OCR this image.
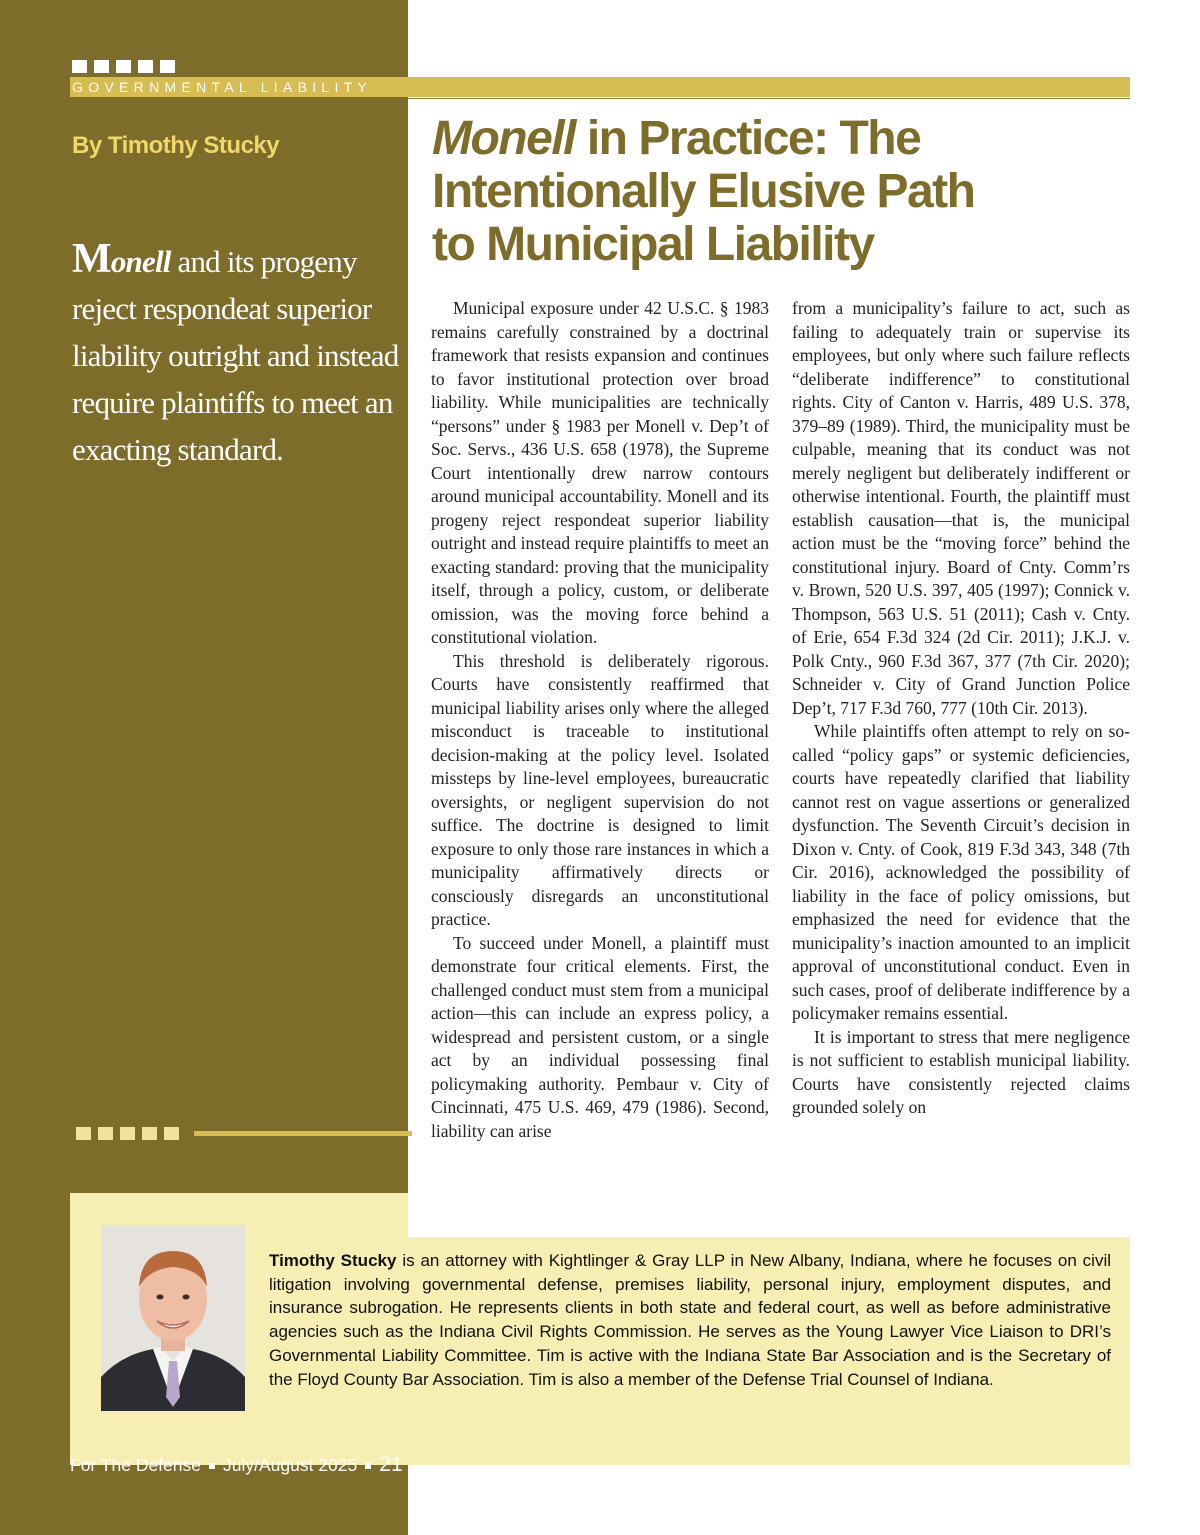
GOVERNMENTAL LIABILITY
By Timothy Stucky
Monell and its progeny reject respondeat superior liability outright and instead require plaintiffs to meet an exacting standard.
Monell in Practice: The
Intentionally Elusive Path
to Municipal Liability

Municipal exposure under 42 U.S.C. § 1983 remains carefully constrained by a doctrinal framework that resists expansion and continues to favor institutional protection over broad liability. While municipalities are technically “persons” under § 1983 per Monell v. Dep’t of Soc. Servs., 436 U.S. 658 (1978), the Supreme Court intentionally drew narrow contours around municipal accountability. Monell and its progeny reject respondeat superior liability outright and instead require plaintiffs to meet an exacting standard: proving that the municipality itself, through a policy, custom, or deliberate omission, was the moving force behind a constitutional violation.

This threshold is deliberately rigorous. Courts have consistently reaffirmed that municipal liability arises only where the alleged misconduct is traceable to institutional decision-making at the policy level. Isolated missteps by line-level employees, bureaucratic oversights, or negligent supervision do not suffice. The doctrine is designed to limit exposure to only those rare instances in which a municipality affirmatively directs or consciously disregards an unconstitutional practice.

To succeed under Monell, a plaintiff must demonstrate four critical elements. First, the challenged conduct must stem from a municipal action—this can include an express policy, a widespread and persistent custom, or a single act by an individual possessing final policymaking authority. Pembaur v. City of Cincinnati, 475 U.S. 469, 479 (1986). Second, liability can arise

from a municipality’s failure to act, such as failing to adequately train or supervise its employees, but only where such failure reflects “deliberate indifference” to constitutional rights. City of Canton v. Harris, 489 U.S. 378, 379–89 (1989). Third, the municipality must be culpable, meaning that its conduct was not merely negligent but deliberately indifferent or otherwise intentional. Fourth, the plaintiff must establish causation—that is, the municipal action must be the “moving force” behind the constitutional injury. Board of Cnty. Comm’rs v. Brown, 520 U.S. 397, 405 (1997); Connick v. Thompson, 563 U.S. 51 (2011); Cash v. Cnty. of Erie, 654 F.3d 324 (2d Cir. 2011); J.K.J. v. Polk Cnty., 960 F.3d 367, 377 (7th Cir. 2020); Schneider v. City of Grand Junction Police Dep’t, 717 F.3d 760, 777 (10th Cir. 2013).

While plaintiffs often attempt to rely on so-called “policy gaps” or systemic deficiencies, courts have repeatedly clarified that liability cannot rest on vague assertions or generalized dysfunction. The Seventh Circuit’s decision in Dixon v. Cnty. of Cook, 819 F.3d 343, 348 (7th Cir. 2016), acknowledged the possibility of liability in the face of policy omissions, but emphasized the need for evidence that the municipality’s inaction amounted to an implicit approval of unconstitutional conduct. Even in such cases, proof of deliberate indifference by a policymaker remains essential.

It is important to stress that mere negligence is not sufficient to establish municipal liability. Courts have consistently rejected claims grounded solely on

Timothy Stucky is an attorney with Kightlinger & Gray LLP in New Albany, Indiana, where he focuses on civil litigation involving governmental defense, premises liability, personal injury, employment disputes, and insurance subrogation. He represents clients in both state and federal court, as well as before administrative agencies such as the Indiana Civil Rights Commission. He serves as the Young Lawyer Vice Liaison to DRI’s Governmental Liability Committee. Tim is active with the Indiana State Bar Association and is the Secretary of the Floyd County Bar Association. Tim is also a member of the Defense Trial Counsel of Indiana.
For The Defense July/August 2025 21
